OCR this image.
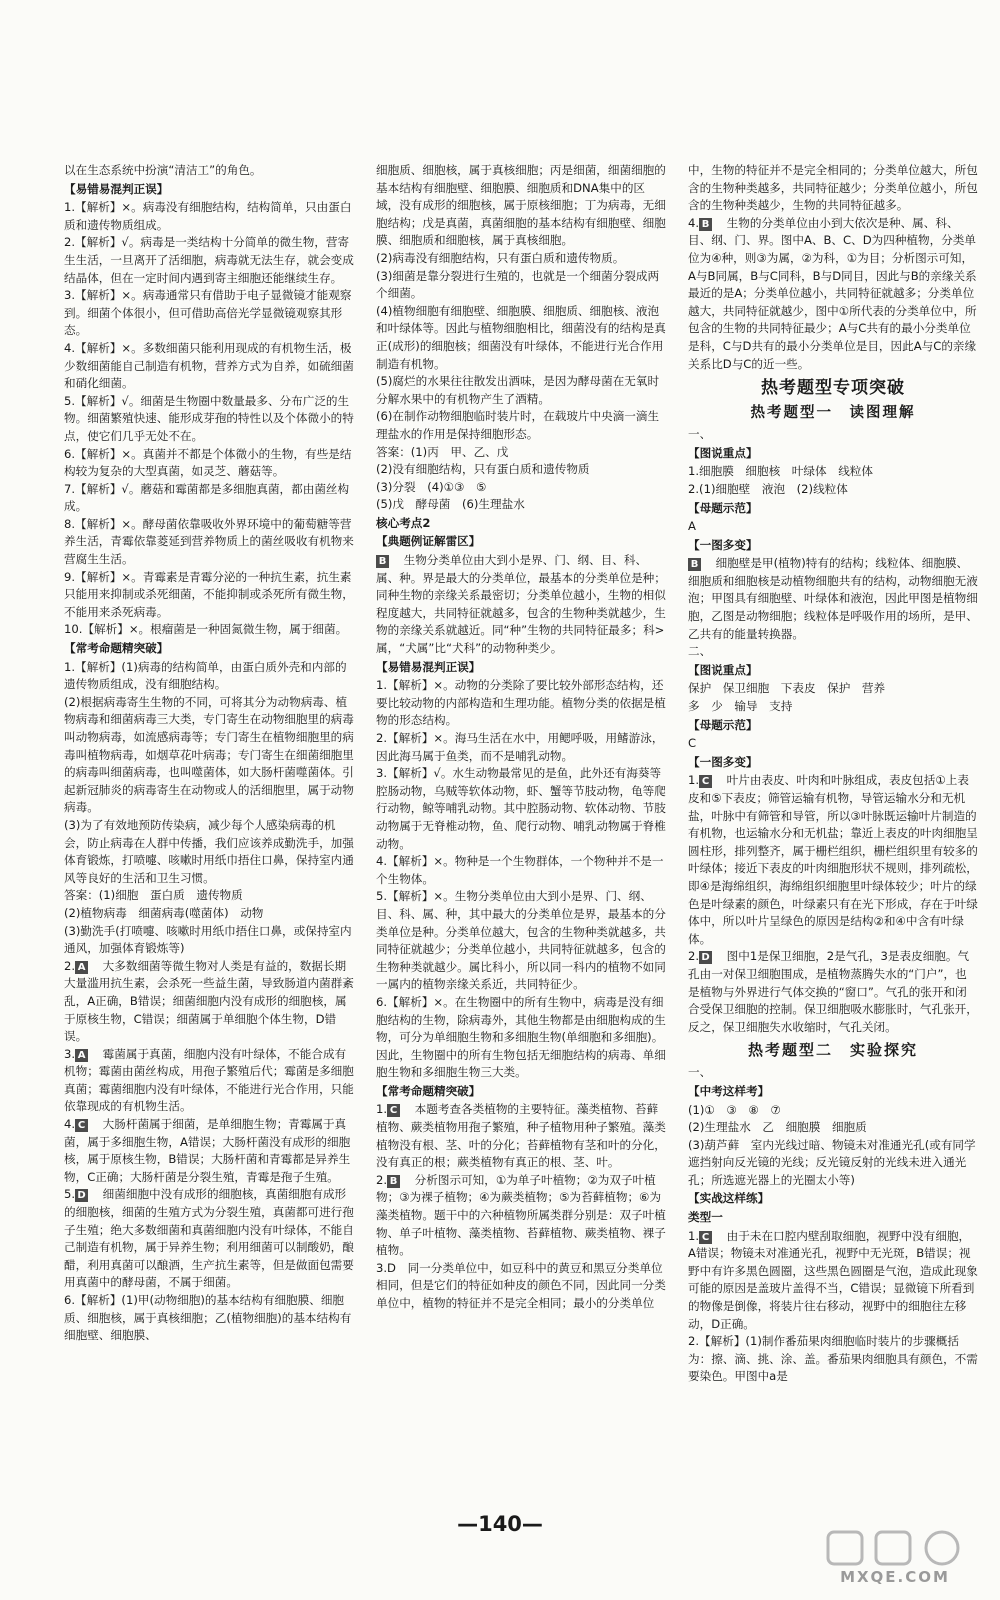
以在生态系统中扮演“清洁工”的角色。
【易错易混判正误】
1.【解析】×。病毒没有细胞结构，结构简单，只由蛋白质和遗传物质组成。
2.【解析】√。病毒是一类结构十分简单的微生物，营寄生生活，一旦离开了活细胞，病毒就无法生存，就会变成结晶体，但在一定时间内遇到寄主细胞还能继续生存。
3.【解析】×。病毒通常只有借助于电子显微镜才能观察到。细菌个体很小，但可借助高倍光学显微镜观察其形态。
4.【解析】×。多数细菌只能利用现成的有机物生活，极少数细菌能自己制造有机物，营养方式为自养，如硫细菌和硝化细菌。
5.【解析】√。细菌是生物圈中数量最多、分布广泛的生物。细菌繁殖快速、能形成芽孢的特性以及个体微小的特点，使它们几乎无处不在。
6.【解析】×。真菌并不都是个体微小的生物，有些是结构较为复杂的大型真菌，如灵芝、蘑菇等。
7.【解析】√。蘑菇和霉菌都是多细胞真菌，都由菌丝构成。
8.【解析】×。酵母菌依靠吸收外界环境中的葡萄糖等营养生活，青霉依靠菱延到营养物质上的菌丝吸收有机物来营腐生生活。
9.【解析】×。青霉素是青霉分泌的一种抗生素，抗生素只能用来抑制或杀死细菌，不能抑制或杀死所有微生物，不能用来杀死病毒。
10.【解析】×。根瘤菌是一种固氮微生物，属于细菌。
【常考命题精突破】
1.【解析】(1)病毒的结构简单，由蛋白质外壳和内部的遗传物质组成，没有细胞结构。
(2)根据病毒寄生生物的不同，可将其分为动物病毒、植物病毒和细菌病毒三大类，专门寄生在动物细胞里的病毒叫动物病毒，如流感病毒等；专门寄生在植物细胞里的病毒叫植物病毒，如烟草花叶病毒；专门寄生在细菌细胞里的病毒叫细菌病毒，也叫噬菌体，如大肠杆菌噬菌体。引起新冠肺炎的病毒寄生在动物或人的活细胞里，属于动物病毒。
(3)为了有效地预防传染病，减少每个人感染病毒的机会，防止病毒在人群中传播，我们应该养成勤洗手，加强体育锻炼，打喷嚏、咳嗽时用纸巾捂住口鼻，保持室内通风等良好的生活和卫生习惯。
答案：(1)细胞　蛋白质　遗传物质
(2)植物病毒　细菌病毒(噬菌体)　动物
(3)勤洗手(打喷嚏、咳嗽时用纸巾捂住口鼻，或保持室内通风，加强体育锻炼等)
2. A　大多数细菌等微生物对人类是有益的，数据长期大量滥用抗生素，会杀死一些益生菌，导致肠道内菌群紊乱，A正确，B错误；细菌细胞内没有成形的细胞核，属于原核生物，C错误；细菌属于单细胞个体生物，D错误。
3. A　霉菌属于真菌，细胞内没有叶绿体，不能合成有机物；霉菌由菌丝构成，用孢子繁殖后代；霉菌是多细胞真菌；霉菌细胞内没有叶绿体，不能进行光合作用，只能依靠现成的有机物生活。
4. C　大肠杆菌属于细菌，是单细胞生物；青霉属于真菌，属于多细胞生物，A错误；大肠杆菌没有成形的细胞核，属于原核生物，B错误；大肠杆菌和青霉都是异养生物，C正确；大肠杆菌是分裂生殖，青霉是孢子生殖。
5. D　细菌细胞中没有成形的细胞核，真菌细胞有成形的细胞核，细菌的生殖方式为分裂生殖，真菌都可进行孢子生殖；绝大多数细菌和真菌细胞内没有叶绿体，不能自己制造有机物，属于异养生物；利用细菌可以制酸奶，酿醋，利用真菌可以酿酒，生产抗生素等，但是做面包需要用真菌中的酵母菌，不属于细菌。
6.【解析】(1)甲(动物细胞)的基本结构有细胞膜、细胞质、细胞核，属于真核细胞；乙(植物细胞)的基本结构有细胞壁、细胞膜、
细胞质、细胞核，属于真核细胞；丙是细菌，细菌细胞的基本结构有细胞壁、细胞膜、细胞质和DNA集中的区域，没有成形的细胞核，属于原核细胞；丁为病毒，无细胞结构；戊是真菌，真菌细胞的基本结构有细胞壁、细胞膜、细胞质和细胞核，属于真核细胞。
(2)病毒没有细胞结构，只有蛋白质和遗传物质。
(3)细菌是靠分裂进行生殖的，也就是一个细菌分裂成两个细菌。
(4)植物细胞有细胞壁、细胞膜、细胞质、细胞核、液泡和叶绿体等。因此与植物细胞相比，细菌没有的结构是真正(成形)的细胞核；细菌没有叶绿体，不能进行光合作用制造有机物。
(5)腐烂的水果往往散发出酒味，是因为酵母菌在无氧时分解水果中的有机物产生了酒精。
(6)在制作动物细胞临时装片时，在载玻片中央滴一滴生理盐水的作用是保持细胞形态。
答案：(1)丙　甲、乙、戊
(2)没有细胞结构，只有蛋白质和遗传物质
(3)分裂　(4)①③　⑤
(5)戊　酵母菌　(6)生理盐水
核心考点2
【典题例证解雷区】
B　生物分类单位由大到小是界、门、纲、目、科、属、种。界是最大的分类单位，最基本的分类单位是种；同种生物的亲缘关系最密切；分类单位越小，生物的相似程度越大，共同特征就越多，包含的生物种类就越少，生物的亲缘关系就越近。同“种”生物的共同特征最多；科>属，“犬属”比“犬科”的动物种类少。
【易错易混判正误】
1.【解析】×。动物的分类除了要比较外部形态结构，还要比较动物的内部构造和生理功能。植物分类的依据是植物的形态结构。
2.【解析】×。海马生活在水中，用鳃呼吸，用鳍游泳，因此海马属于鱼类，而不是哺乳动物。
3.【解析】√。水生动物最常见的是鱼，此外还有海葵等腔肠动物，乌贼等软体动物，虾、蟹等节肢动物，龟等爬行动物，鲸等哺乳动物。其中腔肠动物、软体动物、节肢动物属于无脊椎动物，鱼、爬行动物、哺乳动物属于脊椎动物。
4.【解析】×。物种是一个生物群体，一个物种并不是一个生物体。
5.【解析】×。生物分类单位由大到小是界、门、纲、目、科、属、种，其中最大的分类单位是界，最基本的分类单位是种。分类单位越大，包含的生物种类就越多，共同特征就越少；分类单位越小，共同特征就越多，包含的生物种类就越少。属比科小，所以同一科内的植物不如同一属内的植物亲缘关系近，共同特征少。
6.【解析】×。在生物圈中的所有生物中，病毒是没有细胞结构的生物，除病毒外，其他生物都是由细胞构成的生物，可分为单细胞生物和多细胞生物(单细胞和多细胞)。因此，生物圈中的所有生物包括无细胞结构的病毒、单细胞生物和多细胞生物三大类。
【常考命题精突破】
1. C　本题考查各类植物的主要特征。藻类植物、苔藓植物、蕨类植物用孢子繁殖，种子植物用种子繁殖。藻类植物没有根、茎、叶的分化；苔藓植物有茎和叶的分化，没有真正的根；蕨类植物有真正的根、茎、叶。
2. B　分析图示可知，①为单子叶植物；②为双子叶植物；③为裸子植物；④为蕨类植物；⑤为苔藓植物；⑥为藻类植物。题干中的六种植物所属类群分别是：双子叶植物、单子叶植物、藻类植物、苔藓植物、蕨类植物、裸子植物。
3.D　同一分类单位中，如豆科中的黄豆和黑豆分类单位相同，但是它们的特征如种皮的颜色不同，因此同一分类单位中，植物的特征并不是完全相同；最小的分类单位
中，生物的特征并不是完全相同的；分类单位越大，所包含的生物种类越多，共同特征越少；分类单位越小，所包含的生物种类越少，生物的共同特征越多。
4. B　生物的分类单位由小到大依次是种、属、科、目、纲、门、界。图中A、B、C、D为四种植物，分类单位为④种，则③为属，②为科，①为目；分析图示可知，A与B同属，B与C同科，B与D同目，因此与B的亲缘关系最近的是A；分类单位越小，共同特征就越多；分类单位越大，共同特征就越少，图中①所代表的分类单位中，所包含的生物的共同特征最少；A与C共有的最小分类单位是科，C与D共有的最小分类单位是目，因此A与C的亲缘关系比D与C的近一些。
热考题型专项突破
热考题型一　读图理解
一、
【图说重点】
1.细胞膜　细胞核　叶绿体　线粒体
2.(1)细胞壁　液泡　(2)线粒体
【母题示范】
A
【一图多变】
B　细胞壁是甲(植物)特有的结构；线粒体、细胞膜、细胞质和细胞核是动植物细胞共有的结构，动物细胞无液泡；甲图具有细胞壁、叶绿体和液泡，因此甲图是植物细胞，乙图是动物细胞；线粒体是呼吸作用的场所，是甲、乙共有的能量转换器。
二、
【图说重点】
保护　保卫细胞　下表皮　保护　营养
多　少　输导　支持
【母题示范】
C
【一图多变】
1. C　叶片由表皮、叶肉和叶脉组成，表皮包括①上表皮和⑤下表皮；筛管运输有机物，导管运输水分和无机盐，叶脉中有筛管和导管，所以③叶脉既运输叶片制造的有机物，也运输水分和无机盐；靠近上表皮的叶肉细胞呈圆柱形，排列整齐，属于栅栏组织，栅栏组织里有较多的叶绿体；接近下表皮的叶肉细胞形状不规则，排列疏松，即④是海绵组织，海绵组织细胞里叶绿体较少；叶片的绿色是叶绿素的颜色，叶绿素只有在光下形成，存在于叶绿体中，所以叶片呈绿色的原因是结构②和④中含有叶绿体。
2. D　图中1是保卫细胞，2是气孔，3是表皮细胞。气孔由一对保卫细胞围成，是植物蒸腾失水的“门户”，也是植物与外界进行气体交换的“窗口”。气孔的张开和闭合受保卫细胞的控制。保卫细胞吸水膨胀时，气孔张开，反之，保卫细胞失水收缩时，气孔关闭。
热考题型二　实验探究
一、
【中考这样考】
(1)①　③　⑧　⑦
(2)生理盐水　乙　细胞膜　细胞质
(3)葫芦藓　室内光线过暗、物镜未对准通光孔(或有同学遮挡射向反光镜的光线；反光镜反射的光线未进入通光孔；所选遮光器上的光圈太小等)
【实战这样练】
类型一
1. C　由于未在口腔内壁刮取细胞，视野中没有细胞，A错误；物镜未对准通光孔，视野中无光斑，B错误；视野中有许多黑色圆圈，这些黑色圆圈是气泡，造成此现象可能的原因是盖玻片盖得不当，C错误；显微镜下所看到的物像是倒像，将装片往右移动，视野中的细胞往左移动，D正确。
2.【解析】(1)制作番茄果肉细胞临时装片的步骤概括为：擦、滴、挑、涂、盖。番茄果肉细胞具有颜色，不需要染色。甲图中a是
—140—
MXQE.COM
